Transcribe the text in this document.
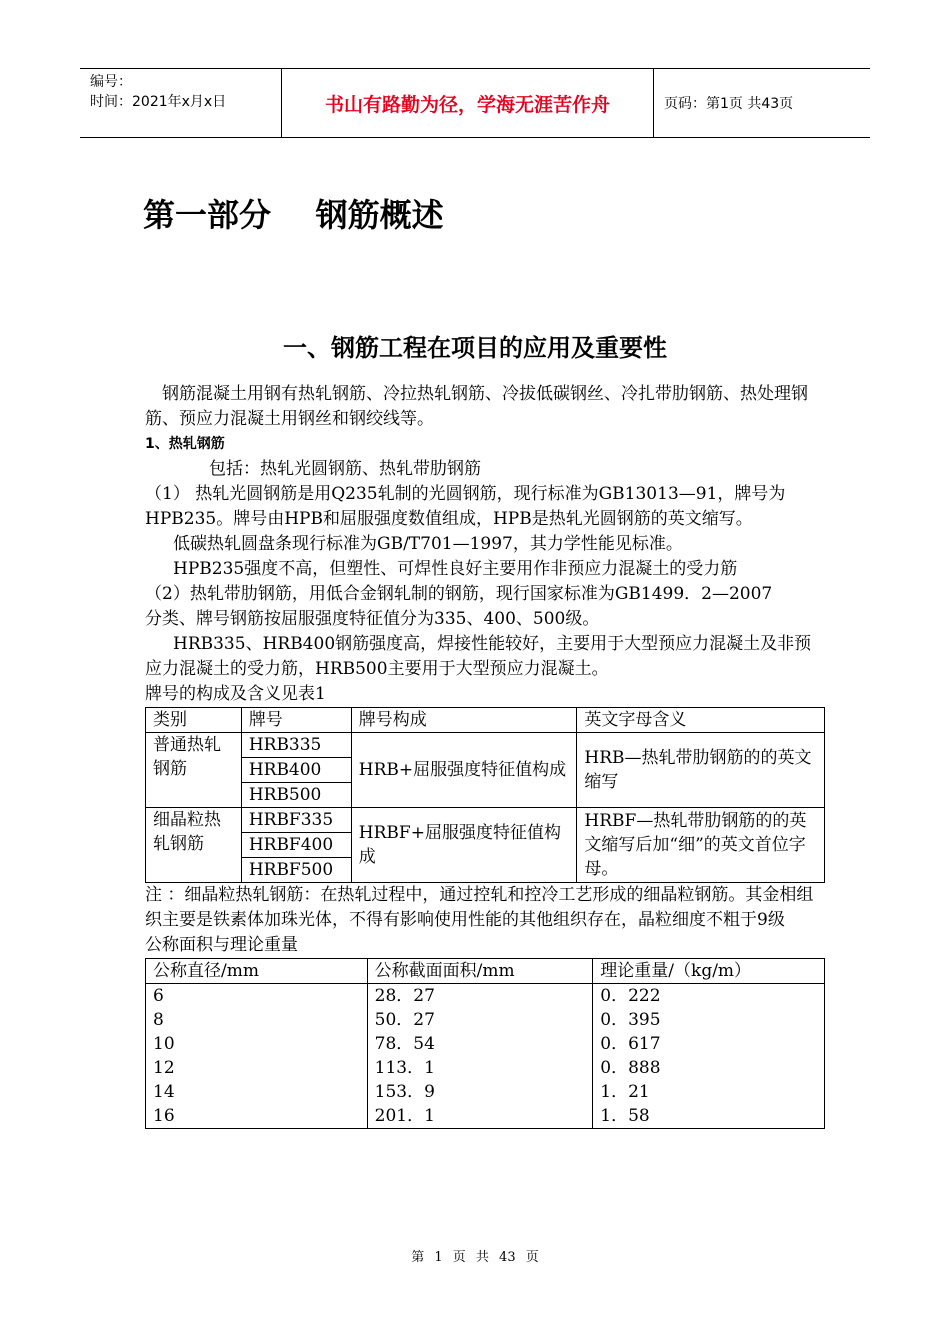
编号：
时间：2021年x月x日	书山有路勤为径，学海无涯苦作舟	页码：第1页 共43页
第一部分    钢筋概述
一、钢筋工程在项目的应用及重要性

钢筋混凝土用钢有热轧钢筋、冷拉热轧钢筋、冷拔低碳钢丝、冷扎带肋钢筋、热处理钢筋、预应力混凝土用钢丝和钢绞线等。

1、热轧钢筋

包括：热轧光圆钢筋、热轧带肋钢筋

（1） 热轧光圆钢筋是用Q235轧制的光圆钢筋，现行标准为GB13013—91，牌号为HPB235。牌号由HPB和屈服强度数值组成，HPB是热轧光圆钢筋的英文缩写。

低碳热轧圆盘条现行标准为GB/T701—1997，其力学性能见标准。

HPB235强度不高，但塑性、可焊性良好主要用作非预应力混凝土的受力筋

（2）热轧带肋钢筋，用低合金钢轧制的钢筋，现行国家标准为GB1499．2—2007

分类、牌号钢筋按屈服强度特征值分为335、400、500级。

HRB335、HRB400钢筋强度高，焊接性能较好，主要用于大型预应力混凝土及非预应力混凝土的受力筋，HRB500主要用于大型预应力混凝土。

牌号的构成及含义见表1

类别	牌号	牌号构成	英文字母含义
普通热轧钢筋	HRB335	HRB+屈服强度特征值构成	HRB—热轧带肋钢筋的的英文缩写
	HRB400		
	HRB500		
细晶粒热轧钢筋	HRBF335	HRBF+屈服强度特征值构成	HRBF—热轧带肋钢筋的的英文缩写后加“细”的英文首位字母。
	HRBF400		
	HRBF500		

注 ：细晶粒热轧钢筋：在热轧过程中，通过控轧和控冷工艺形成的细晶粒钢筋。其金相组织主要是铁素体加珠光体，不得有影响使用性能的其他组织存在，晶粒细度不粗于9级

公称面积与理论重量

公称直径/mm	公称截面面积/mm	理论重量/（kg/m）
6	28．27	0．222
8	50．27	0．395
10	78．54	0．617
12	113．1	0．888
14	153．9	1．21
16	201．1	1．58
第 1 页 共 43 页
